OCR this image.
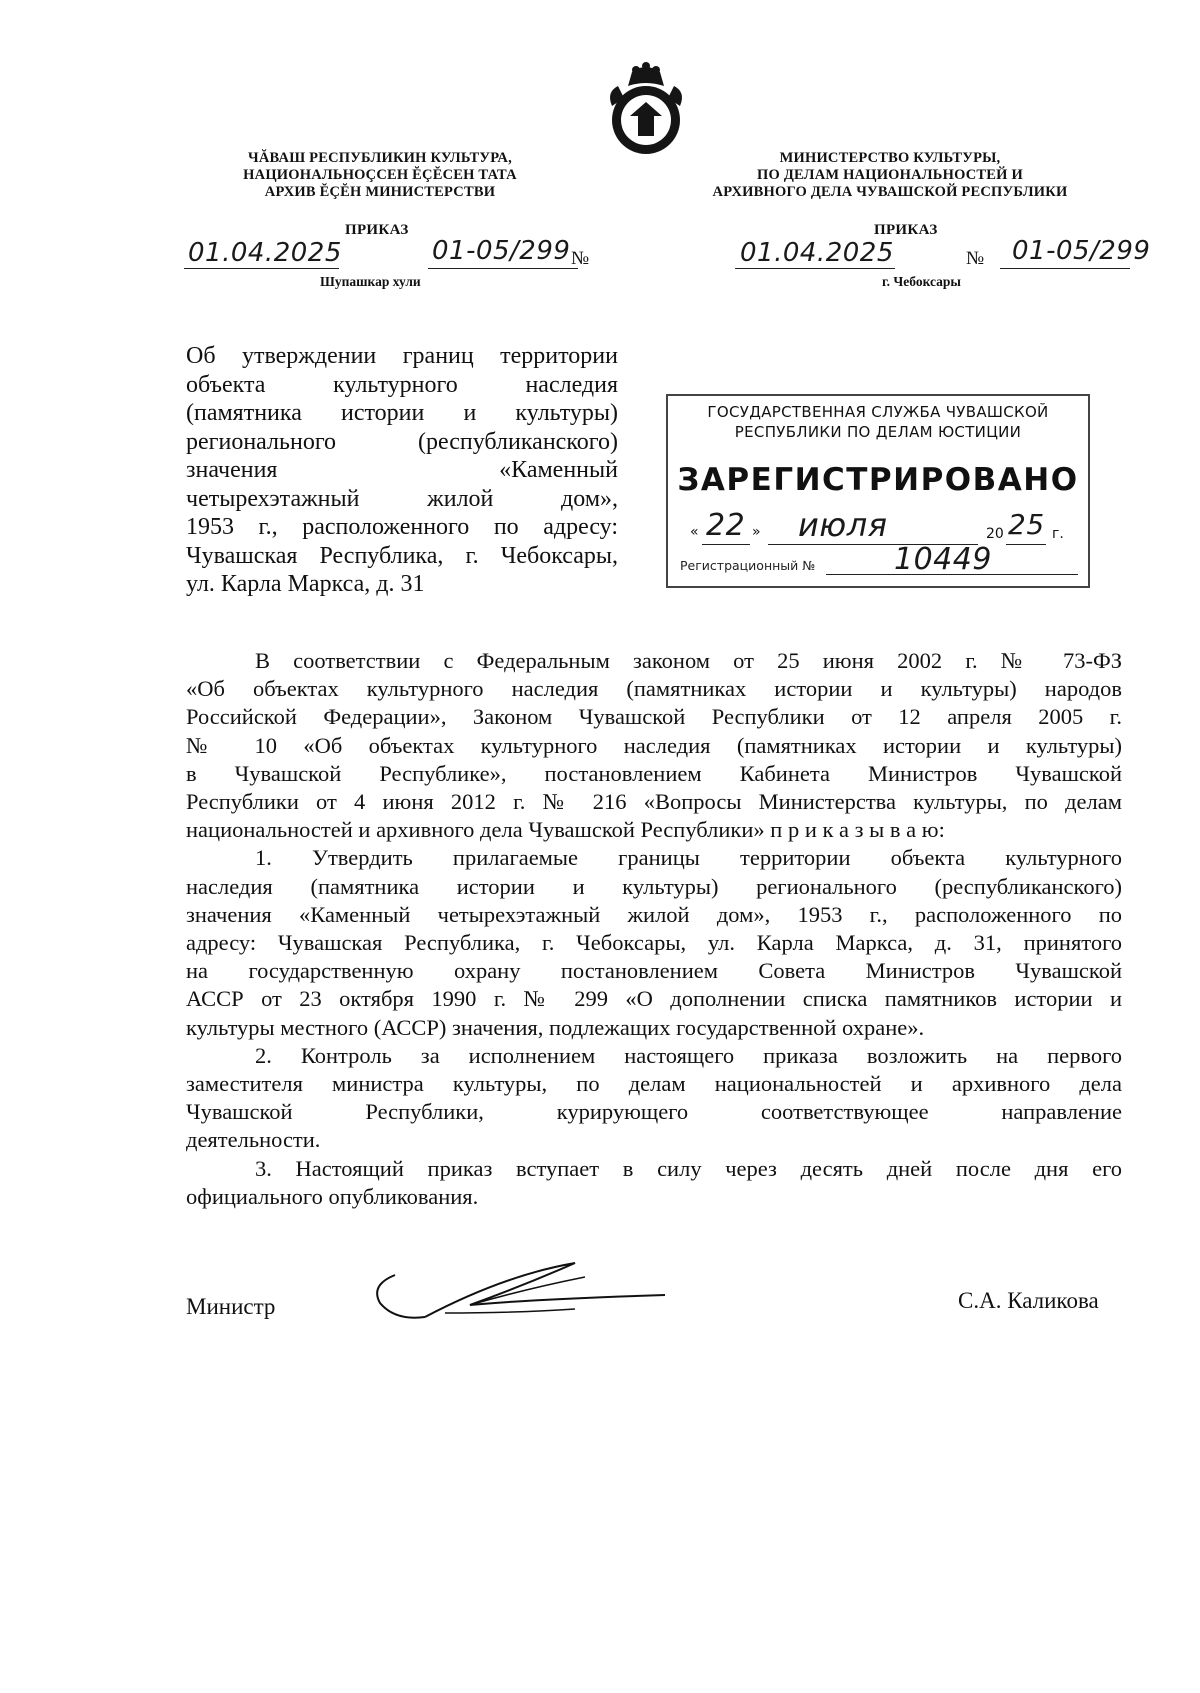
ЧĂВАШ РЕСПУБЛИКИН КУЛЬТУРА,
НАЦИОНАЛЬНОÇСЕН ĔÇĔСЕН ТАТА
АРХИВ ĔÇĔН МИНИСТЕРСТВИ
МИНИСТЕРСТВО КУЛЬТУРЫ,
ПО ДЕЛАМ НАЦИОНАЛЬНОСТЕЙ И
АРХИВНОГО ДЕЛА ЧУВАШСКОЙ РЕСПУБЛИКИ
ПРИКАЗ
01.04.2025	01-05/299 №
Шупашкар хули
ПРИКАЗ
01.04.2025	№ 01-05/299
г. Чебоксары
Об утверждении границ территории
объекта культурного наследия
(памятника истории и культуры)
регионального (республиканского)
значения «Каменный
четырехэтажный жилой дом»,
1953 г., расположенного по адресу:
Чувашская Республика, г. Чебоксары,
ул. Карла Маркса, д. 31
ГОСУДАРСТВЕННАЯ СЛУЖБА ЧУВАШСКОЙ
РЕСПУБЛИКИ ПО ДЕЛАМ ЮСТИЦИИ
ЗАРЕГИСТРИРОВАНО
« 22 » июля	20 25 г.
Регистрационный №	10449
В соответствии с Федеральным законом от 25 июня 2002 г. № 73-ФЗ
«Об объектах культурного наследия (памятниках истории и культуры) народов
Российской Федерации», Законом Чувашской Республики от 12 апреля 2005 г.
№ 10 «Об объектах культурного наследия (памятниках истории и культуры)
в Чувашской Республике», постановлением Кабинета Министров Чувашской
Республики от 4 июня 2012 г. № 216 «Вопросы Министерства культуры, по делам
национальностей и архивного дела Чувашской Республики» п р и к а з ы в а ю:
1. Утвердить прилагаемые границы территории объекта культурного
наследия (памятника истории и культуры) регионального (республиканского)
значения «Каменный четырехэтажный жилой дом», 1953 г., расположенного по
адресу: Чувашская Республика, г. Чебоксары, ул. Карла Маркса, д. 31, принятого
на государственную охрану постановлением Совета Министров Чувашской
АССР от 23 октября 1990 г. № 299 «О дополнении списка памятников истории и
культуры местного (АССР) значения, подлежащих государственной охране».
2. Контроль за исполнением настоящего приказа возложить на первого
заместителя министра культуры, по делам национальностей и архивного дела
Чувашской Республики, курирующего соответствующее направление
деятельности.
3. Настоящий приказ вступает в силу через десять дней после дня его
официального опубликования.
Министр	С.А. Каликова
